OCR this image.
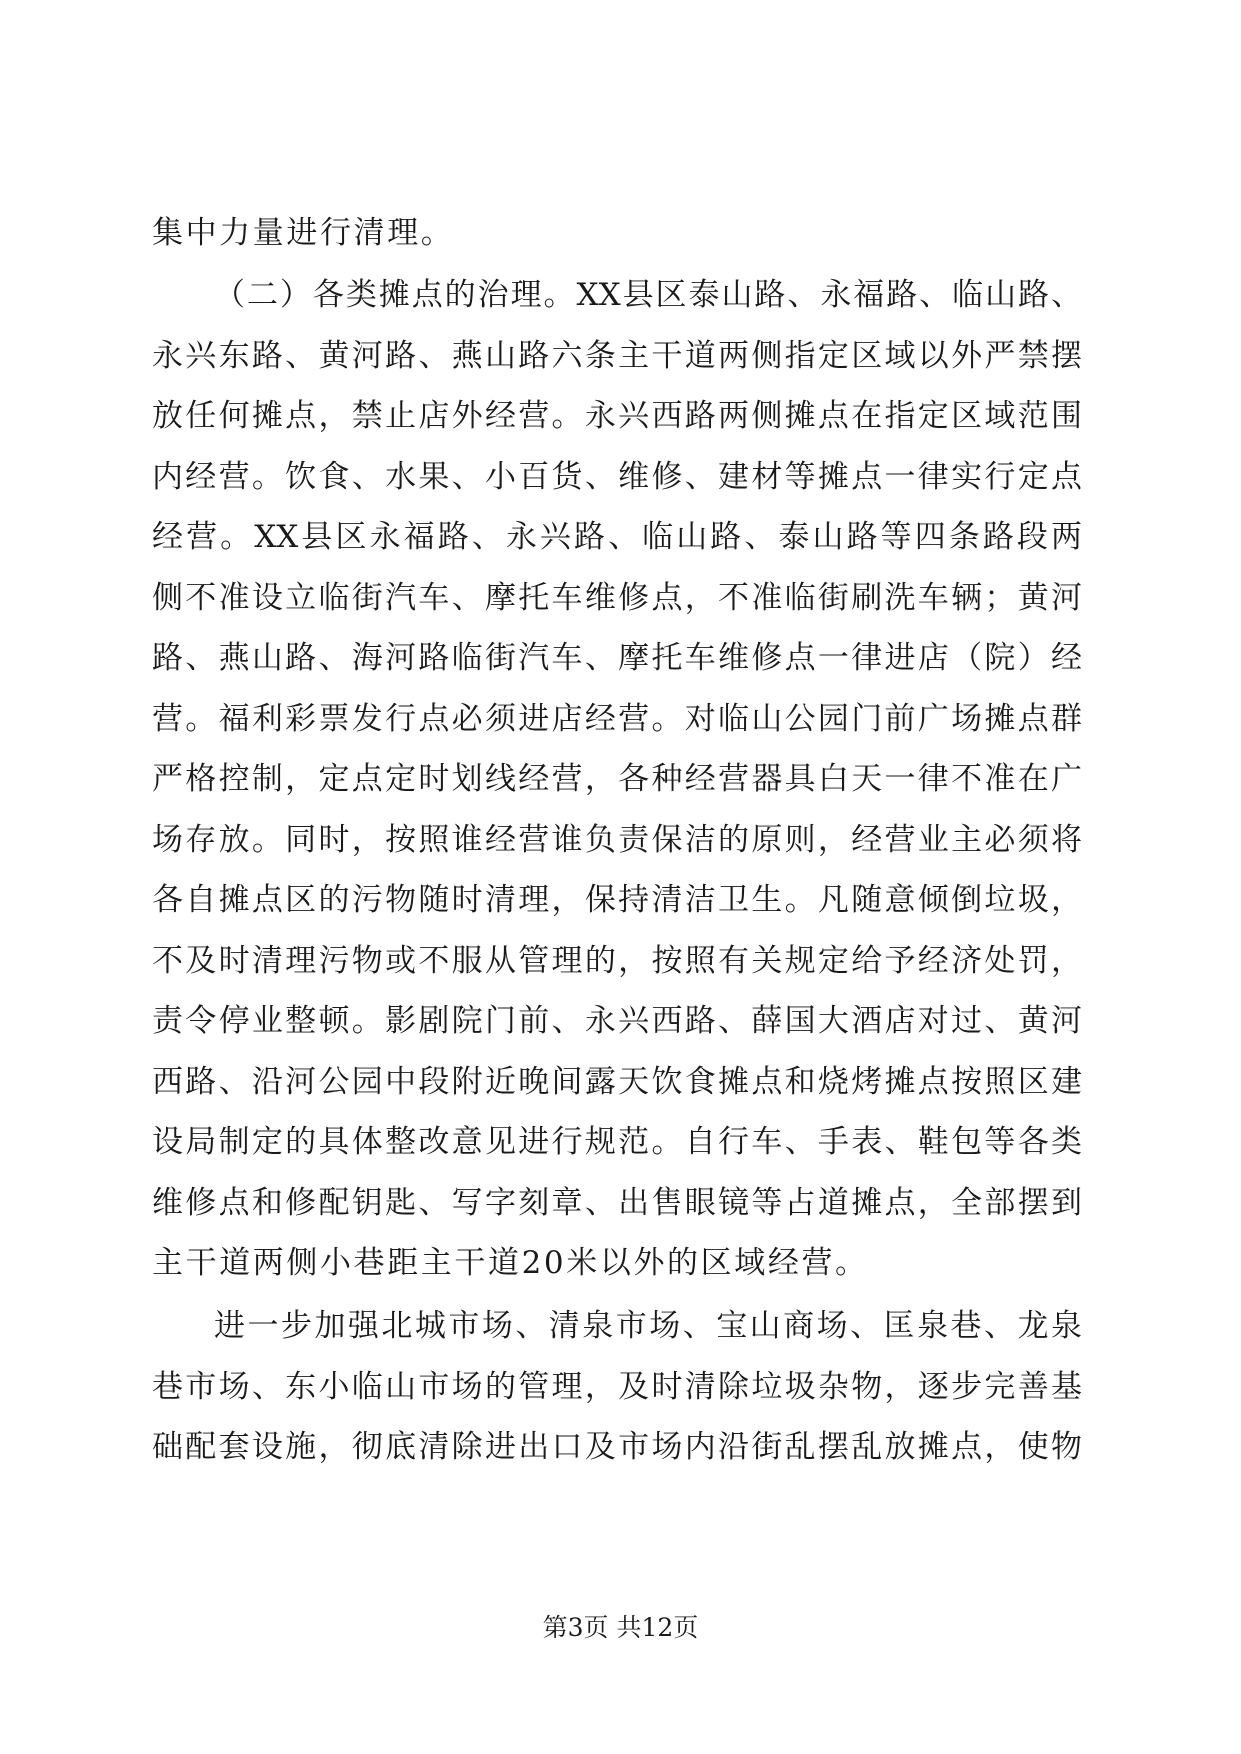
集中力量进行清理。
（二）各类摊点的治理。XX县区泰山路、永福路、临山路、
永兴东路、黄河路、燕山路六条主干道两侧指定区域以外严禁摆
放任何摊点，禁止店外经营。永兴西路两侧摊点在指定区域范围
内经营。饮食、水果、小百货、维修、建材等摊点一律实行定点
经营。XX县区永福路、永兴路、临山路、泰山路等四条路段两
侧不准设立临街汽车、摩托车维修点，不准临街刷洗车辆；黄河
路、燕山路、海河路临街汽车、摩托车维修点一律进店（院）经
营。福利彩票发行点必须进店经营。对临山公园门前广场摊点群
严格控制，定点定时划线经营，各种经营器具白天一律不准在广
场存放。同时，按照谁经营谁负责保洁的原则，经营业主必须将
各自摊点区的污物随时清理，保持清洁卫生。凡随意倾倒垃圾，
不及时清理污物或不服从管理的，按照有关规定给予经济处罚，
责令停业整顿。影剧院门前、永兴西路、薛国大酒店对过、黄河
西路、沿河公园中段附近晚间露天饮食摊点和烧烤摊点按照区建
设局制定的具体整改意见进行规范。自行车、手表、鞋包等各类
维修点和修配钥匙、写字刻章、出售眼镜等占道摊点，全部摆到
主干道两侧小巷距主干道20米以外的区域经营。
进一步加强北城市场、清泉市场、宝山商场、匡泉巷、龙泉
巷市场、东小临山市场的管理，及时清除垃圾杂物，逐步完善基
础配套设施，彻底清除进出口及市场内沿街乱摆乱放摊点，使物
第3页 共12页
